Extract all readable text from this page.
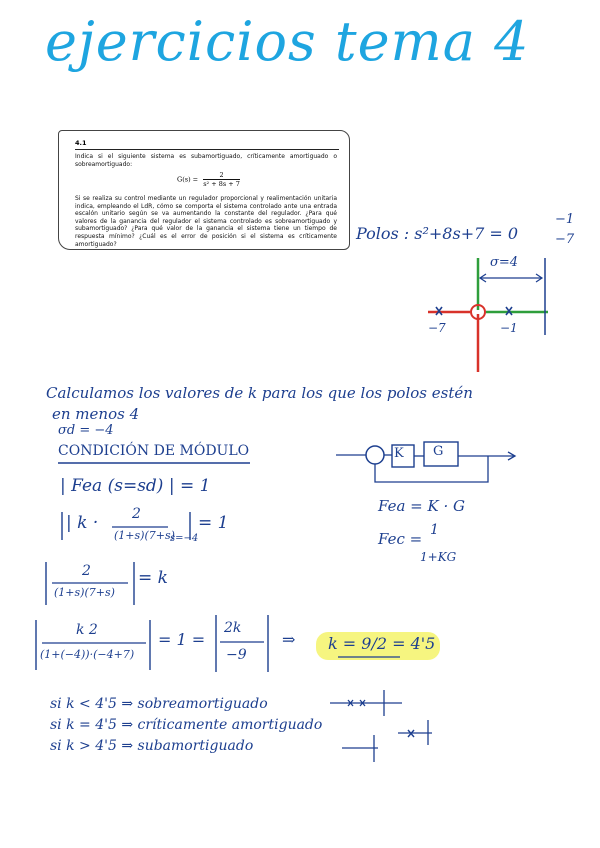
ejercicios tema 4
4.1
Indica si el siguiente sistema es subamortiguado, críticamente amortiguado o sobreamortiguado:
$G(s) = \frac{2}{\text{s² + 8s + 7}}$
Si se realiza su control mediante un regulador proporcional y realimentación unitaria indica, empleando el LdR, cómo se comporta el sistema controlado ante una entrada escalón unitario según se va aumentando la constante del regulador. ¿Para qué valores de la ganancia del regulador el sistema controlado es sobreamortiguado y subamortiguado? ¿Para qué valor de la ganancia el sistema tiene un tiempo de respuesta mínimo? ¿Cuál es el error de posición si el sistema es críticamente amortiguado?
Polos : s²+8s+7 = 0
−1
−7
σ=4
−7	−1
Calculamos los valores de k para los que los polos estén
en menos 4
σd = −4
CONDICIÓN DE MÓDULO
| Fea (s=sd) | = 1
| k · 2
(1+s)(7+s)
s=−4
= 1
2
(1+s)(7+s)
= k
k 2
(1+(−4))·(−4+7)
= 1 =
2k
−9
⇒ k = 9/2 = 4'5
K G
Fea = K · G
Fec = 1
1+KG
si k < 4'5 ⇒ sobreamortiguado
si k = 4'5 ⇒ críticamente amortiguado
si k > 4'5 ⇒ subamortiguado
